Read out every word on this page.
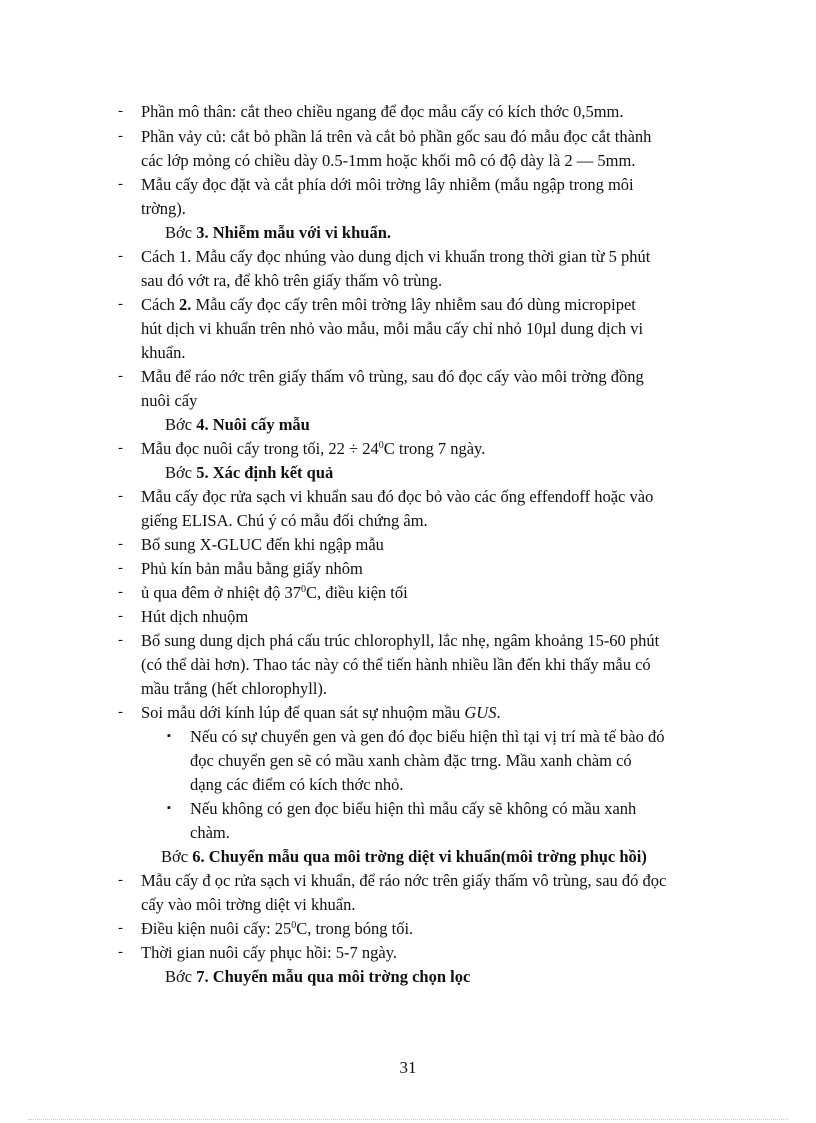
- Phần mô thân: cắt theo chiều ngang để đọc mẫu cấy có kích thớc 0,5mm.
- Phần vảy củ: cắt bỏ phần lá trên và cắt bỏ phần gốc sau đó mẫu đọc cắt thành
các lớp mỏng có chiều dày 0.5-1mm hoặc khối mô có độ dày là 2 — 5mm.
- Mẫu cấy đọc đặt và cắt phía dới môi trờng lây nhiễm (mẫu ngập trong môi
trờng).
Bớc 3. Nhiễm mẫu với vi khuẩn.
- Cách 1. Mẫu cấy đọc nhúng vào dung dịch vi khuẩn trong thời gian từ 5 phút
sau đó vớt ra, để khô trên giấy thấm vô trùng.
- Cách 2. Mẫu cấy đọc cấy trên môi trờng lây nhiễm sau đó dùng micropipet
hút dịch vi khuẩn trên nhỏ vào mẫu, mỗi mẫu cấy chỉ nhỏ 10µl dung dịch vi
khuẩn.
- Mẫu để ráo nớc trên giấy thấm vô trùng, sau đó đọc cấy vào môi trờng đồng
nuôi cấy
Bớc 4. Nuôi cấy mẫu
- Mẫu đọc nuôi cấy trong tối, $22 \div 24^0C$ trong 7 ngày.
Bớc 5. Xác định kết quả
- Mẫu cấy đọc rửa sạch vi khuẩn sau đó đọc bỏ vào các ống effendoff hoặc vào
giếng ELISA. Chú ý có mẫu đối chứng âm.
- Bổ sung X-GLUC đến khi ngập mẫu
- Phủ kín bản mẫu bằng giấy nhôm
- ủ qua đêm ở nhiệt độ $37^0C$, điều kiện tối
- Hút dịch nhuộm
- Bổ sung dung dịch phá cấu trúc chlorophyll, lắc nhẹ, ngâm khoảng 15-60 phút
(có thể dài hơn). Thao tác này có thể tiến hành nhiều lần đến khi thấy mẫu có
mầu trắng (hết chlorophyll).
- Soi mẫu dới kính lúp để quan sát sự nhuộm mầu GUS.
▪ Nếu có sự chuyển gen và gen đó đọc biểu hiện thì tại vị trí mà tế bào đó
đọc chuyển gen sẽ có mầu xanh chàm đặc trng. Mầu xanh chàm có
dạng các điểm có kích thớc nhỏ.
▪ Nếu không có gen đọc biểu hiện thì mẫu cấy sẽ không có mầu xanh
chàm.
Bớc 6. Chuyển mẫu qua môi trờng diệt vi khuẩn(môi trờng phục hồi)
- Mẫu cấy đ ọc rửa sạch vi khuẩn, để ráo nớc trên giấy thấm vô trùng, sau đó đọc
cấy vào môi trờng diệt vi khuẩn.
- Điều kiện nuôi cấy: $25^0C$, trong bóng tối.
- Thời gian nuôi cấy phục hồi: 5-7 ngày.
Bớc 7. Chuyển mẫu qua môi trờng chọn lọc
31
